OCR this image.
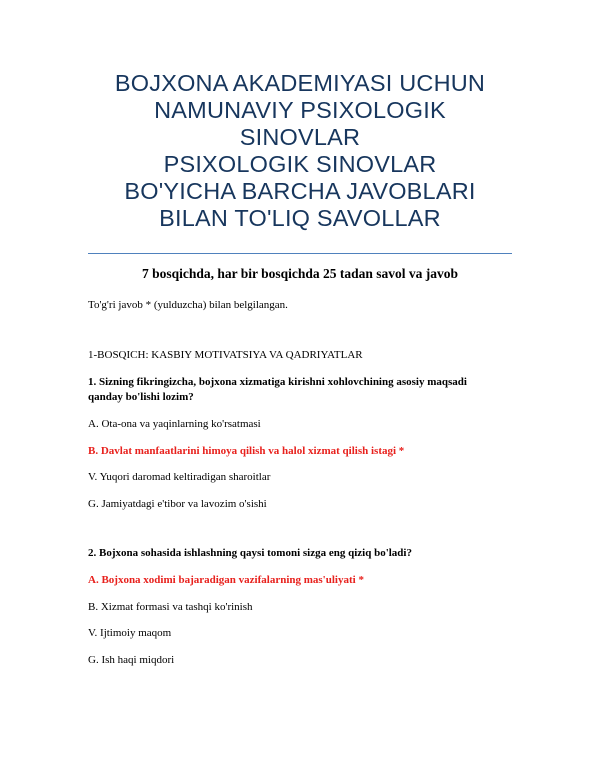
BOJXONA AKADEMIYASI UCHUN
NAMUNAVIY PSIXOLOGIK
SINOVLAR
PSIXOLOGIK SINOVLAR
BO'YICHA BARCHA JAVOBLARI
BILAN TO'LIQ SAVOLLAR
7 bosqichda, har bir bosqichda 25 tadan savol va javob
To'g'ri javob * (yulduzcha) bilan belgilangan.
1-BOSQICH: KASBIY MOTIVATSIYA VA QADRIYATLAR
1. Sizning fikringizcha, bojxona xizmatiga kirishni xohlovchining asosiy maqsadi
qanday bo'lishi lozim?
A. Ota-ona va yaqinlarning ko'rsatmasi
B. Davlat manfaatlarini himoya qilish va halol xizmat qilish istagi *
V. Yuqori daromad keltiradigan sharoitlar
G. Jamiyatdagi e'tibor va lavozim o'sishi
2. Bojxona sohasida ishlashning qaysi tomoni sizga eng qiziq bo'ladi?
A. Bojxona xodimi bajaradigan vazifalarning mas'uliyati *
B. Xizmat formasi va tashqi ko'rinish
V. Ijtimoiy maqom
G. Ish haqi miqdori
